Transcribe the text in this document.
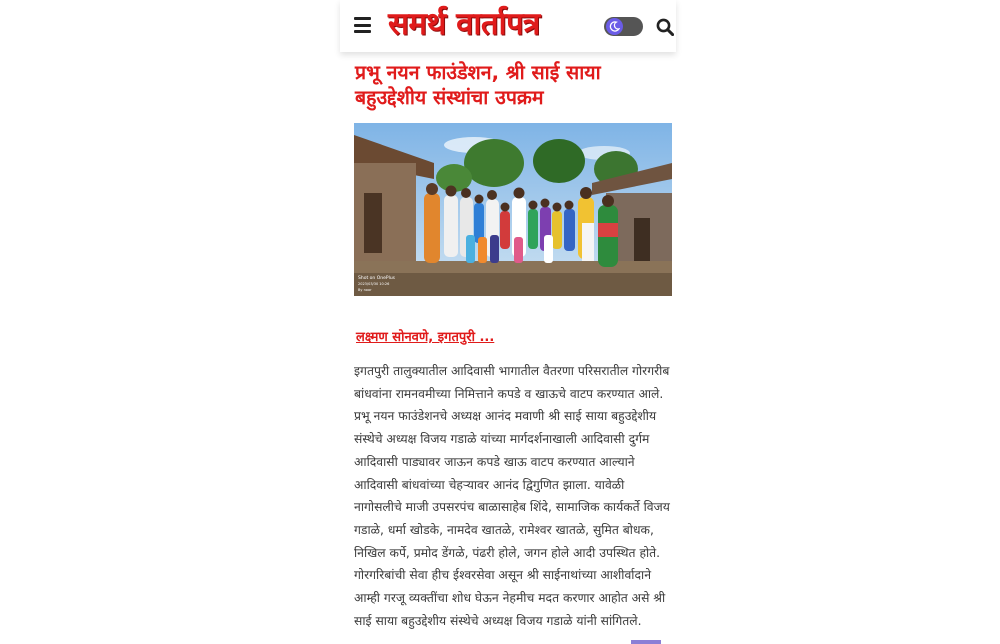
समर्थ वार्तापत्र
प्रभू नयन फाउंडेशन, श्री साई साया बहुउद्देशीय संस्थांचा उपक्रम
Shot on OnePlus
2023/03/30 10:26
By noor
लक्ष्मण सोनवणे, इगतपुरी ...
इगतपुरी तालुक्यातील आदिवासी भागातील वैतरणा परिसरातील गोरगरीब बांधवांना रामनवमीच्या निमित्ताने कपडे व खाऊचे वाटप करण्यात आले. प्रभू नयन फाउंडेशनचे अध्यक्ष आनंद मवाणी श्री साई साया बहुउद्देशीय संस्थेचे अध्यक्ष विजय गडाळे यांच्या मार्गदर्शनाखाली आदिवासी दुर्गम आदिवासी पाड्यावर जाऊन कपडे खाऊ वाटप करण्यात आल्याने आदिवासी बांधवांच्या चेहऱ्यावर आनंद द्विगुणित झाला. यावेळी नागोसलीचे माजी उपसरपंच बाळासाहेब शिंदे, सामाजिक कार्यकर्ते विजय गडाळे, धर्मा खोडके, नामदेव खातळे, रामेश्वर खातळे, सुमित बोधक, निखिल कर्पे, प्रमोद डेंगळे, पंढरी होले, जगन होले आदी उपस्थित होते. गोरगरिबांची सेवा हीच ईश्वरसेवा असून श्री साईनाथांच्या आशीर्वादाने आम्ही गरजू व्यक्तींचा शोध घेऊन नेहमीच मदत करणार आहोत असे श्री साई साया बहुउद्देशीय संस्थेचे अध्यक्ष विजय गडाळे यांनी सांगितले.
